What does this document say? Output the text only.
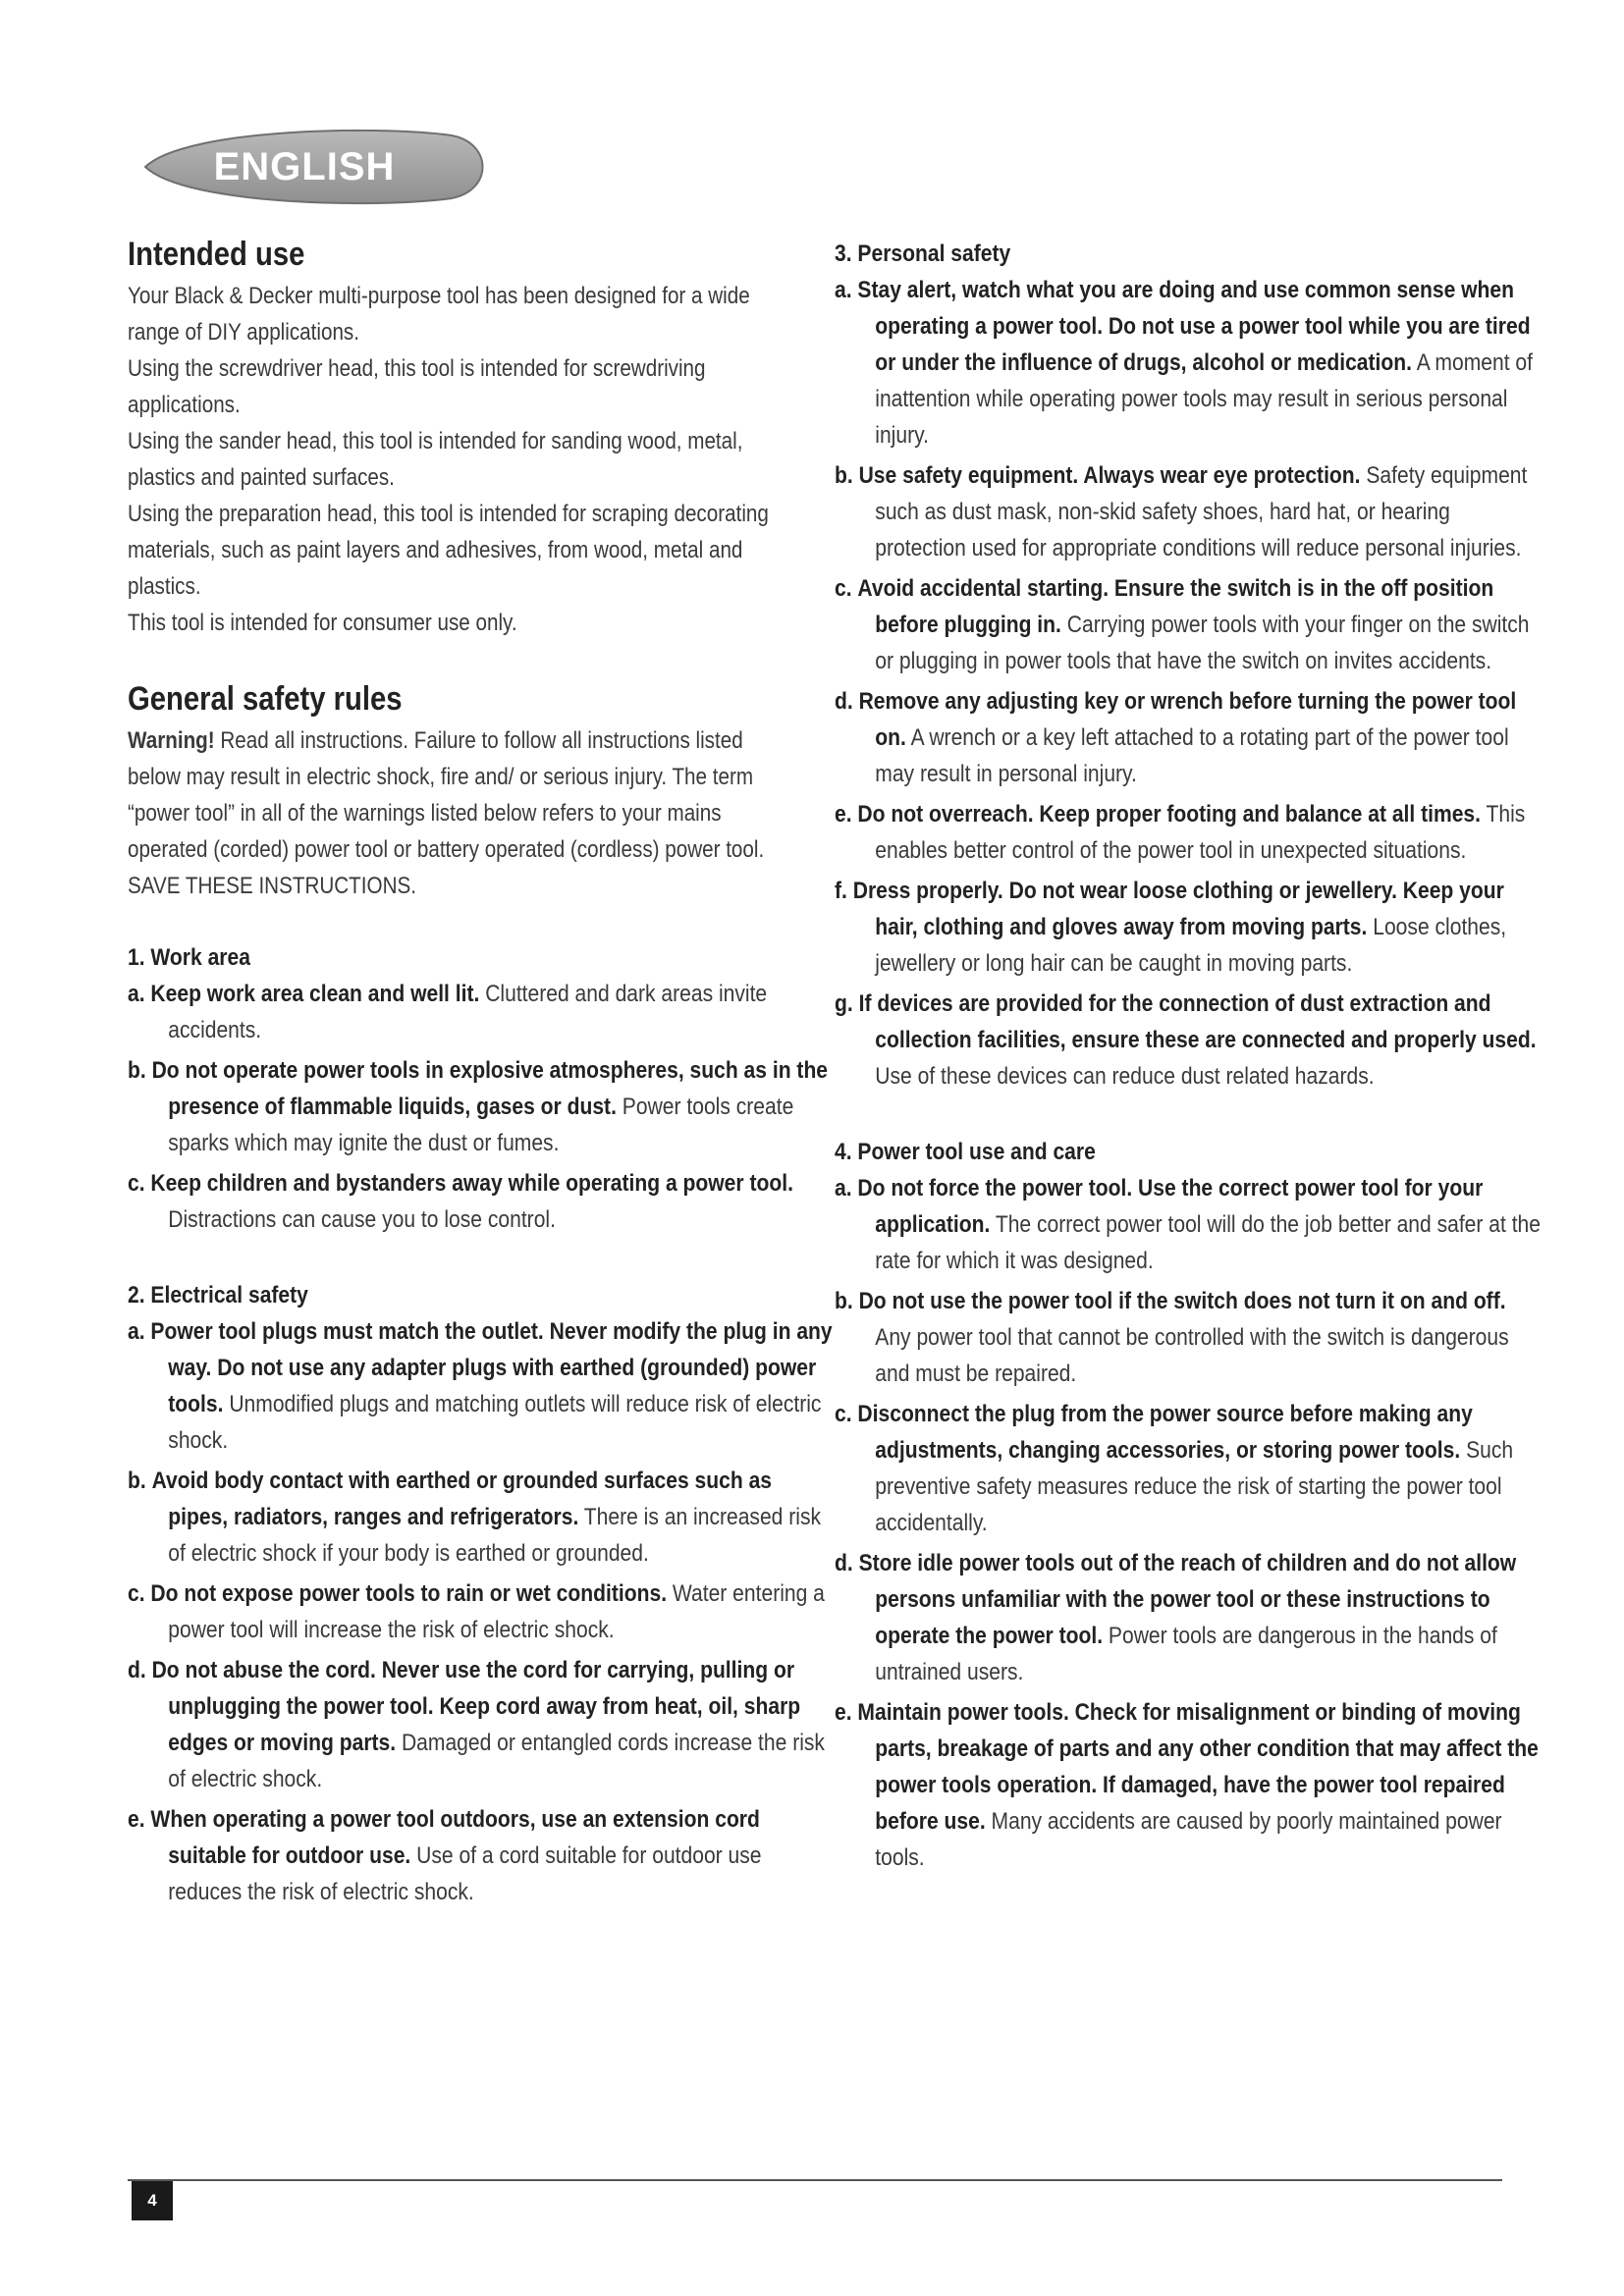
ENGLISH
Intended use

Your Black & Decker multi-purpose tool has been designed for a wide range of DIY applications.

Using the screwdriver head, this tool is intended for screwdriving applications.

Using the sander head, this tool is intended for sanding wood, metal, plastics and painted surfaces.

Using the preparation head, this tool is intended for scraping decorating materials, such as paint layers and adhesives, from wood, metal and plastics.

This tool is intended for consumer use only.

General safety rules

Warning! Read all instructions. Failure to follow all instructions listed below may result in electric shock, fire and/ or serious injury. The term “power tool” in all of the warnings listed below refers to your mains operated (corded) power tool or battery operated (cordless) power tool.

SAVE THESE INSTRUCTIONS.

1. Work area

a. Keep work area clean and well lit. Cluttered and dark areas invite accidents.

b. Do not operate power tools in explosive atmospheres, such as in the presence of flammable liquids, gases or dust. Power tools create sparks which may ignite the dust or fumes.

c. Keep children and bystanders away while operating a power tool. Distractions can cause you to lose control.

2. Electrical safety

a. Power tool plugs must match the outlet. Never modify the plug in any way. Do not use any adapter plugs with earthed (grounded) power tools. Unmodified plugs and matching outlets will reduce risk of electric shock.

b. Avoid body contact with earthed or grounded surfaces such as pipes, radiators, ranges and refrigerators. There is an increased risk of electric shock if your body is earthed or grounded.

c. Do not expose power tools to rain or wet conditions. Water entering a power tool will increase the risk of electric shock.

d. Do not abuse the cord. Never use the cord for carrying, pulling or unplugging the power tool. Keep cord away from heat, oil, sharp edges or moving parts. Damaged or entangled cords increase the risk of electric shock.

e. When operating a power tool outdoors, use an extension cord suitable for outdoor use. Use of a cord suitable for outdoor use reduces the risk of electric shock.

3. Personal safety

a. Stay alert, watch what you are doing and use common sense when operating a power tool. Do not use a power tool while you are tired or under the influence of drugs, alcohol or medication. A moment of inattention while operating power tools may result in serious personal injury.

b. Use safety equipment. Always wear eye protection. Safety equipment such as dust mask, non-skid safety shoes, hard hat, or hearing protection used for appropriate conditions will reduce personal injuries.

c. Avoid accidental starting. Ensure the switch is in the off position before plugging in. Carrying power tools with your finger on the switch or plugging in power tools that have the switch on invites accidents.

d. Remove any adjusting key or wrench before turning the power tool on. A wrench or a key left attached to a rotating part of the power tool may result in personal injury.

e. Do not overreach. Keep proper footing and balance at all times. This enables better control of the power tool in unexpected situations.

f. Dress properly. Do not wear loose clothing or jewellery. Keep your hair, clothing and gloves away from moving parts. Loose clothes, jewellery or long hair can be caught in moving parts.

g. If devices are provided for the connection of dust extraction and collection facilities, ensure these are connected and properly used. Use of these devices can reduce dust related hazards.

4. Power tool use and care

a. Do not force the power tool. Use the correct power tool for your application. The correct power tool will do the job better and safer at the rate for which it was designed.

b. Do not use the power tool if the switch does not turn it on and off. Any power tool that cannot be controlled with the switch is dangerous and must be repaired.

c. Disconnect the plug from the power source before making any adjustments, changing accessories, or storing power tools. Such preventive safety measures reduce the risk of starting the power tool accidentally.

d. Store idle power tools out of the reach of children and do not allow persons unfamiliar with the power tool or these instructions to operate the power tool. Power tools are dangerous in the hands of untrained users.

e. Maintain power tools. Check for misalignment or binding of moving parts, breakage of parts and any other condition that may affect the power tools operation. If damaged, have the power tool repaired before use. Many accidents are caused by poorly maintained power tools.

4
